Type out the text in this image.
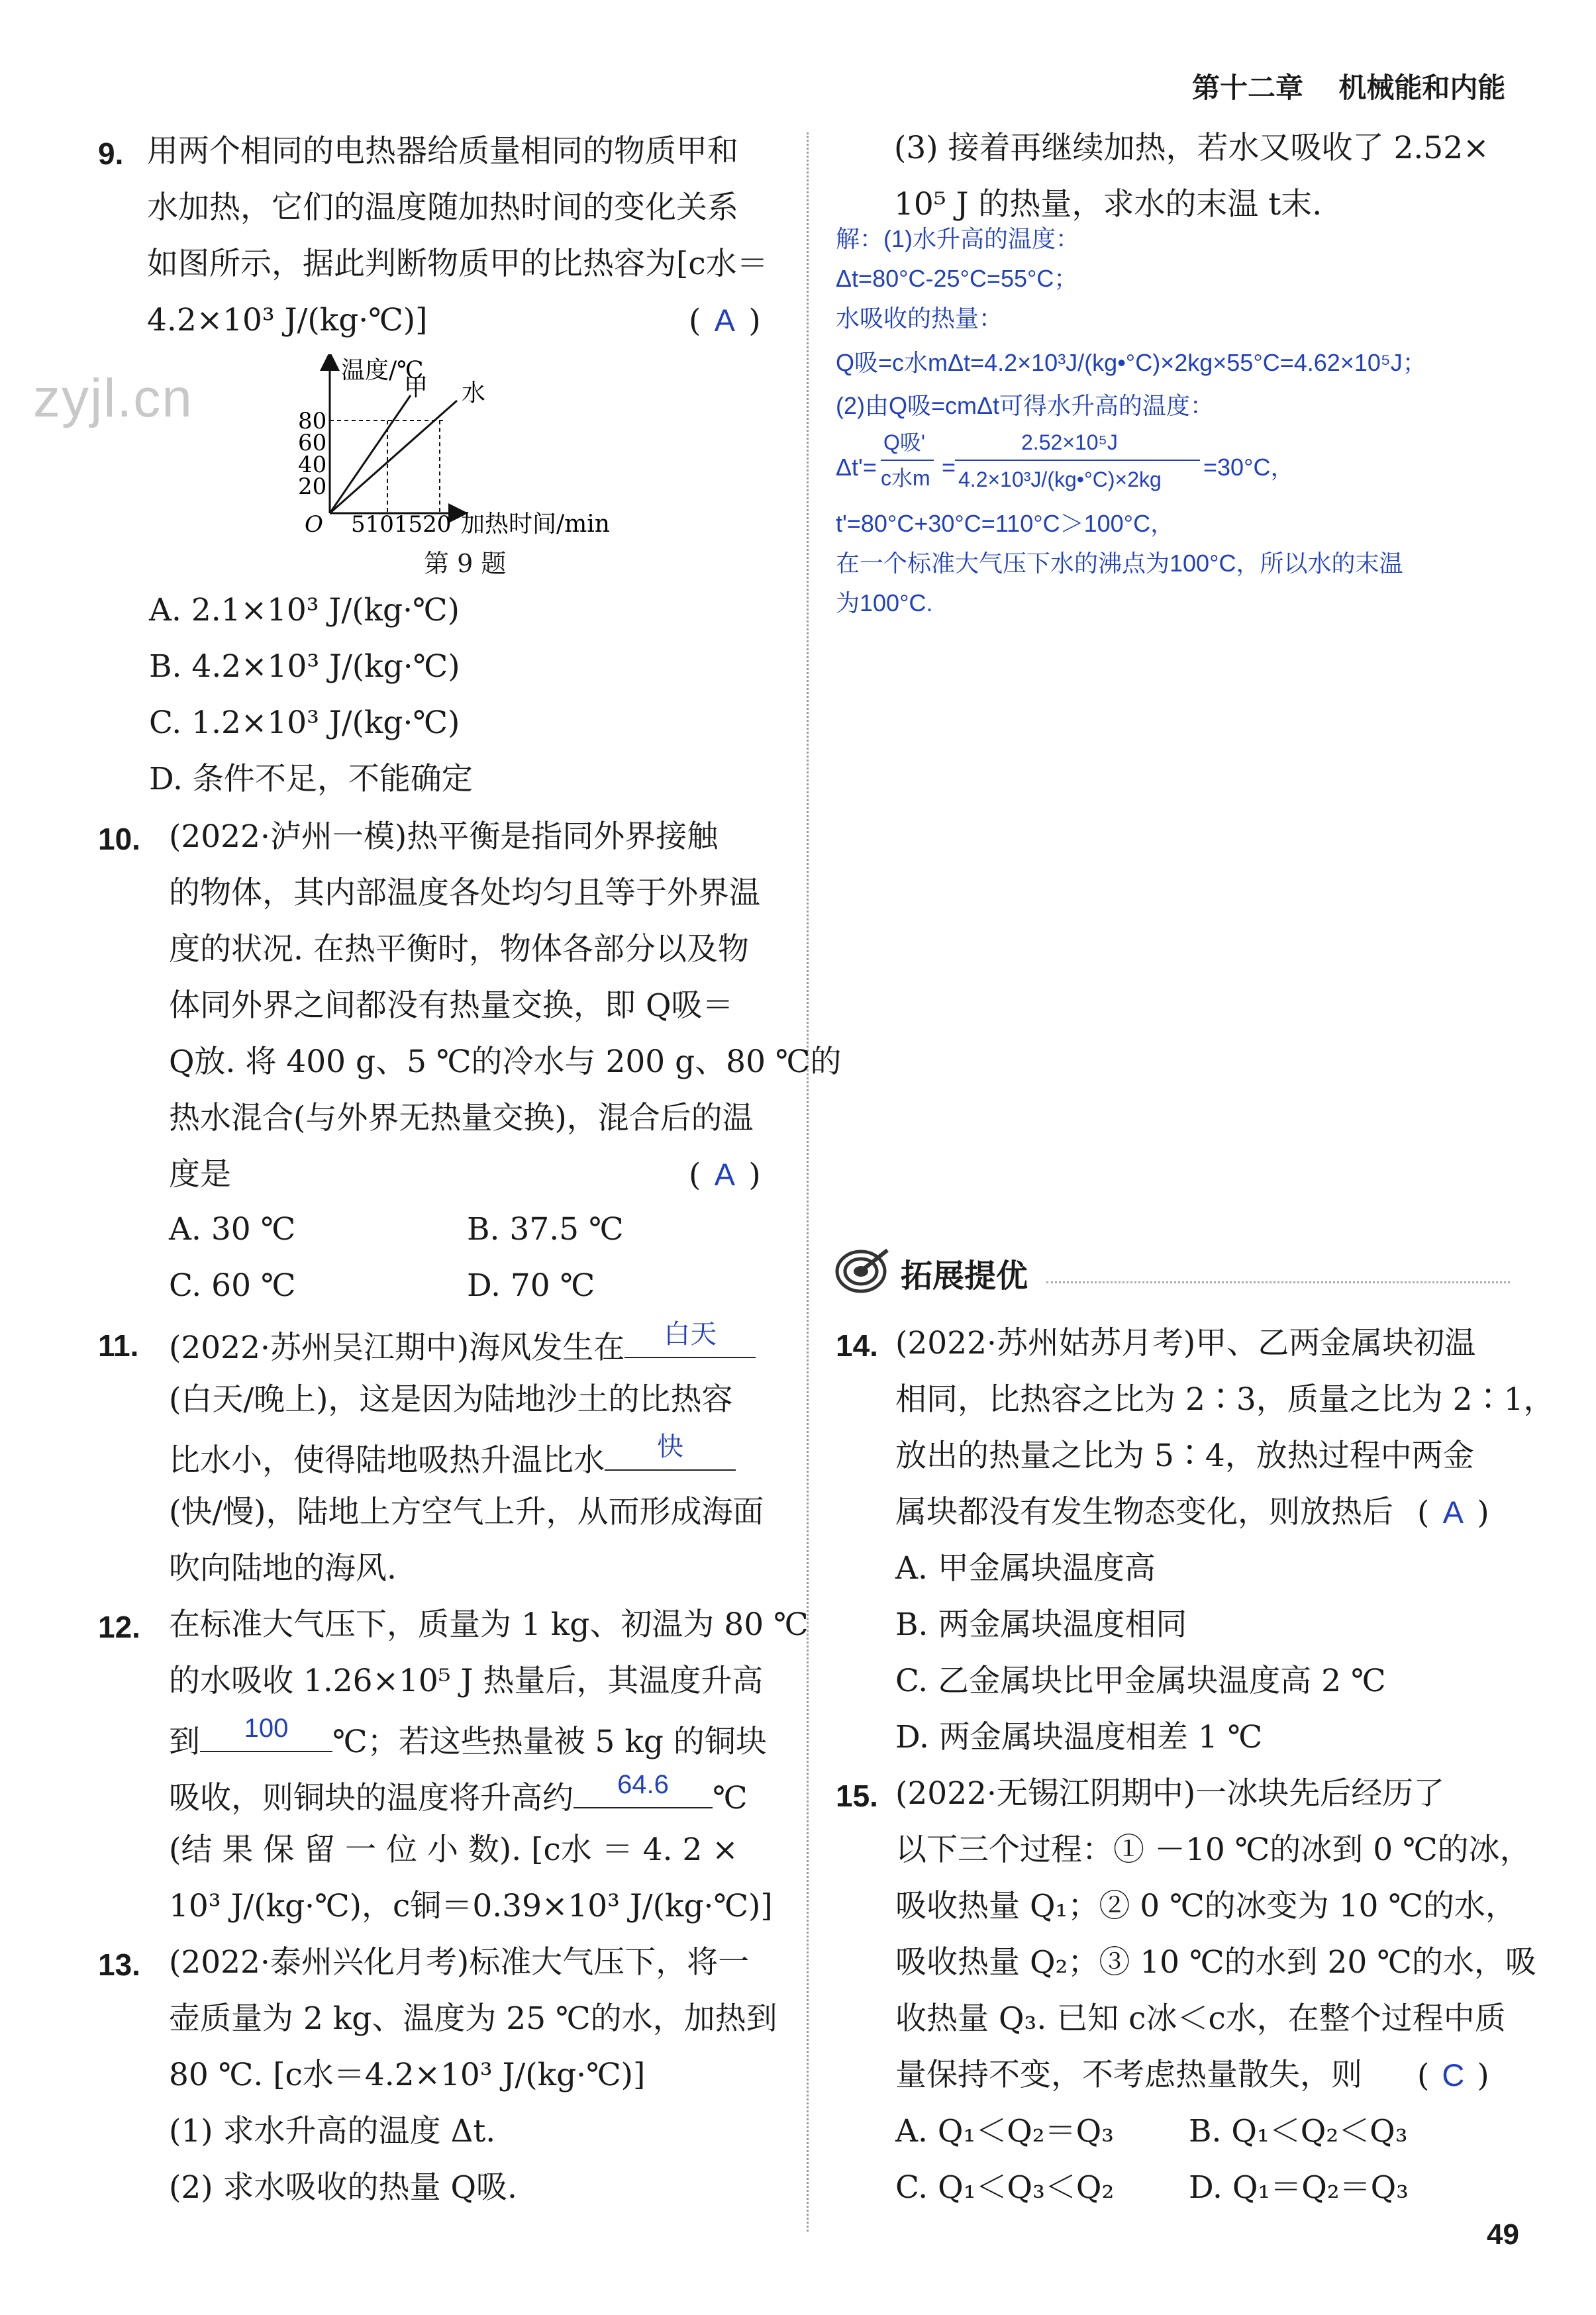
第十二章 机械能和内能
zyjl.cn
9. 用两个相同的电热器给质量相同的物质甲和
水加热，它们的温度随加热时间的变化关系
如图所示，据此判断物质甲的比热容为[c水＝
4.2×10³ J/(kg·℃)]	( A )
温度/℃
甲 水
80
60
40
20
O 5101520 加热时间/min
第 9 题
A. 2.1×10³ J/(kg·℃)
B. 4.2×10³ J/(kg·℃)
C. 1.2×10³ J/(kg·℃)
D. 条件不足，不能确定
10. (2022·泸州一模)热平衡是指同外界接触
的物体，其内部温度各处均匀且等于外界温
度的状况. 在热平衡时，物体各部分以及物
体同外界之间都没有热量交换，即 Q吸＝
Q放. 将 400 g、5 ℃的冷水与 200 g、80 ℃的
热水混合(与外界无热量交换)，混合后的温
度是	( A )
A. 30 ℃	B. 37.5 ℃
C. 60 ℃	D. 70 ℃
11. (2022·苏州吴江期中)海风发生在	白天
(白天/晚上)，这是因为陆地沙土的比热容
比水小，使得陆地吸热升温比水	快
(快/慢)，陆地上方空气上升，从而形成海面
吹向陆地的海风.
12. 在标准大气压下，质量为 1 kg、初温为 80 ℃
的水吸收 1.26×10⁵ J 热量后，其温度升高
到	100	℃；若这些热量被 5 kg 的铜块
吸收，则铜块的温度将升高约	64.6	℃
(结 果 保 留 一 位 小 数). [c水 ＝ 4. 2 ×
10³ J/(kg·℃)，c铜＝0.39×10³ J/(kg·℃)]
13. (2022·泰州兴化月考)标准大气压下，将一
壶质量为 2 kg、温度为 25 ℃的水，加热到
80 ℃. [c水＝4.2×10³ J/(kg·℃)]
(1) 求水升高的温度 Δt.
(2) 求水吸收的热量 Q吸.
(3) 接着再继续加热，若水又吸收了 2.52×
10⁵ J 的热量，求水的末温 t末.
解：(1)水升高的温度：
Δt=80°C-25°C=55°C；
水吸收的热量：
Q吸=c水mΔt=4.2×10³J/(kg•°C)×2kg×55°C=4.62×10⁵J；
(2)由Q吸=cmΔt可得水升高的温度：
Δt'=
Q吸'
c水m =
2.52×10⁵J
4.2×10³J/(kg•°C)×2kg =30°C，
t'=80°C+30°C=110°C＞100°C，
在一个标准大气压下水的沸点为100°C，所以水的末温
为100°C.
拓展提优
14. (2022·苏州姑苏月考)甲、乙两金属块初温
相同，比热容之比为 2∶3，质量之比为 2∶1，
放出的热量之比为 5∶4，放热过程中两金
属块都没有发生物态变化，则放热后 ( A )
A. 甲金属块温度高
B. 两金属块温度相同
C. 乙金属块比甲金属块温度高 2 ℃
D. 两金属块温度相差 1 ℃
15. (2022·无锡江阴期中)一冰块先后经历了
以下三个过程：① －10 ℃的冰到 0 ℃的冰，
吸收热量 Q₁；② 0 ℃的冰变为 10 ℃的水，
吸收热量 Q₂；③ 10 ℃的水到 20 ℃的水，吸
收热量 Q₃. 已知 c冰＜c水，在整个过程中质
量保持不变，不考虑热量散失，则 ( C )
A. Q₁＜Q₂＝Q₃ B. Q₁＜Q₂＜Q₃
C. Q₁＜Q₃＜Q₂ D. Q₁＝Q₂＝Q₃
49
